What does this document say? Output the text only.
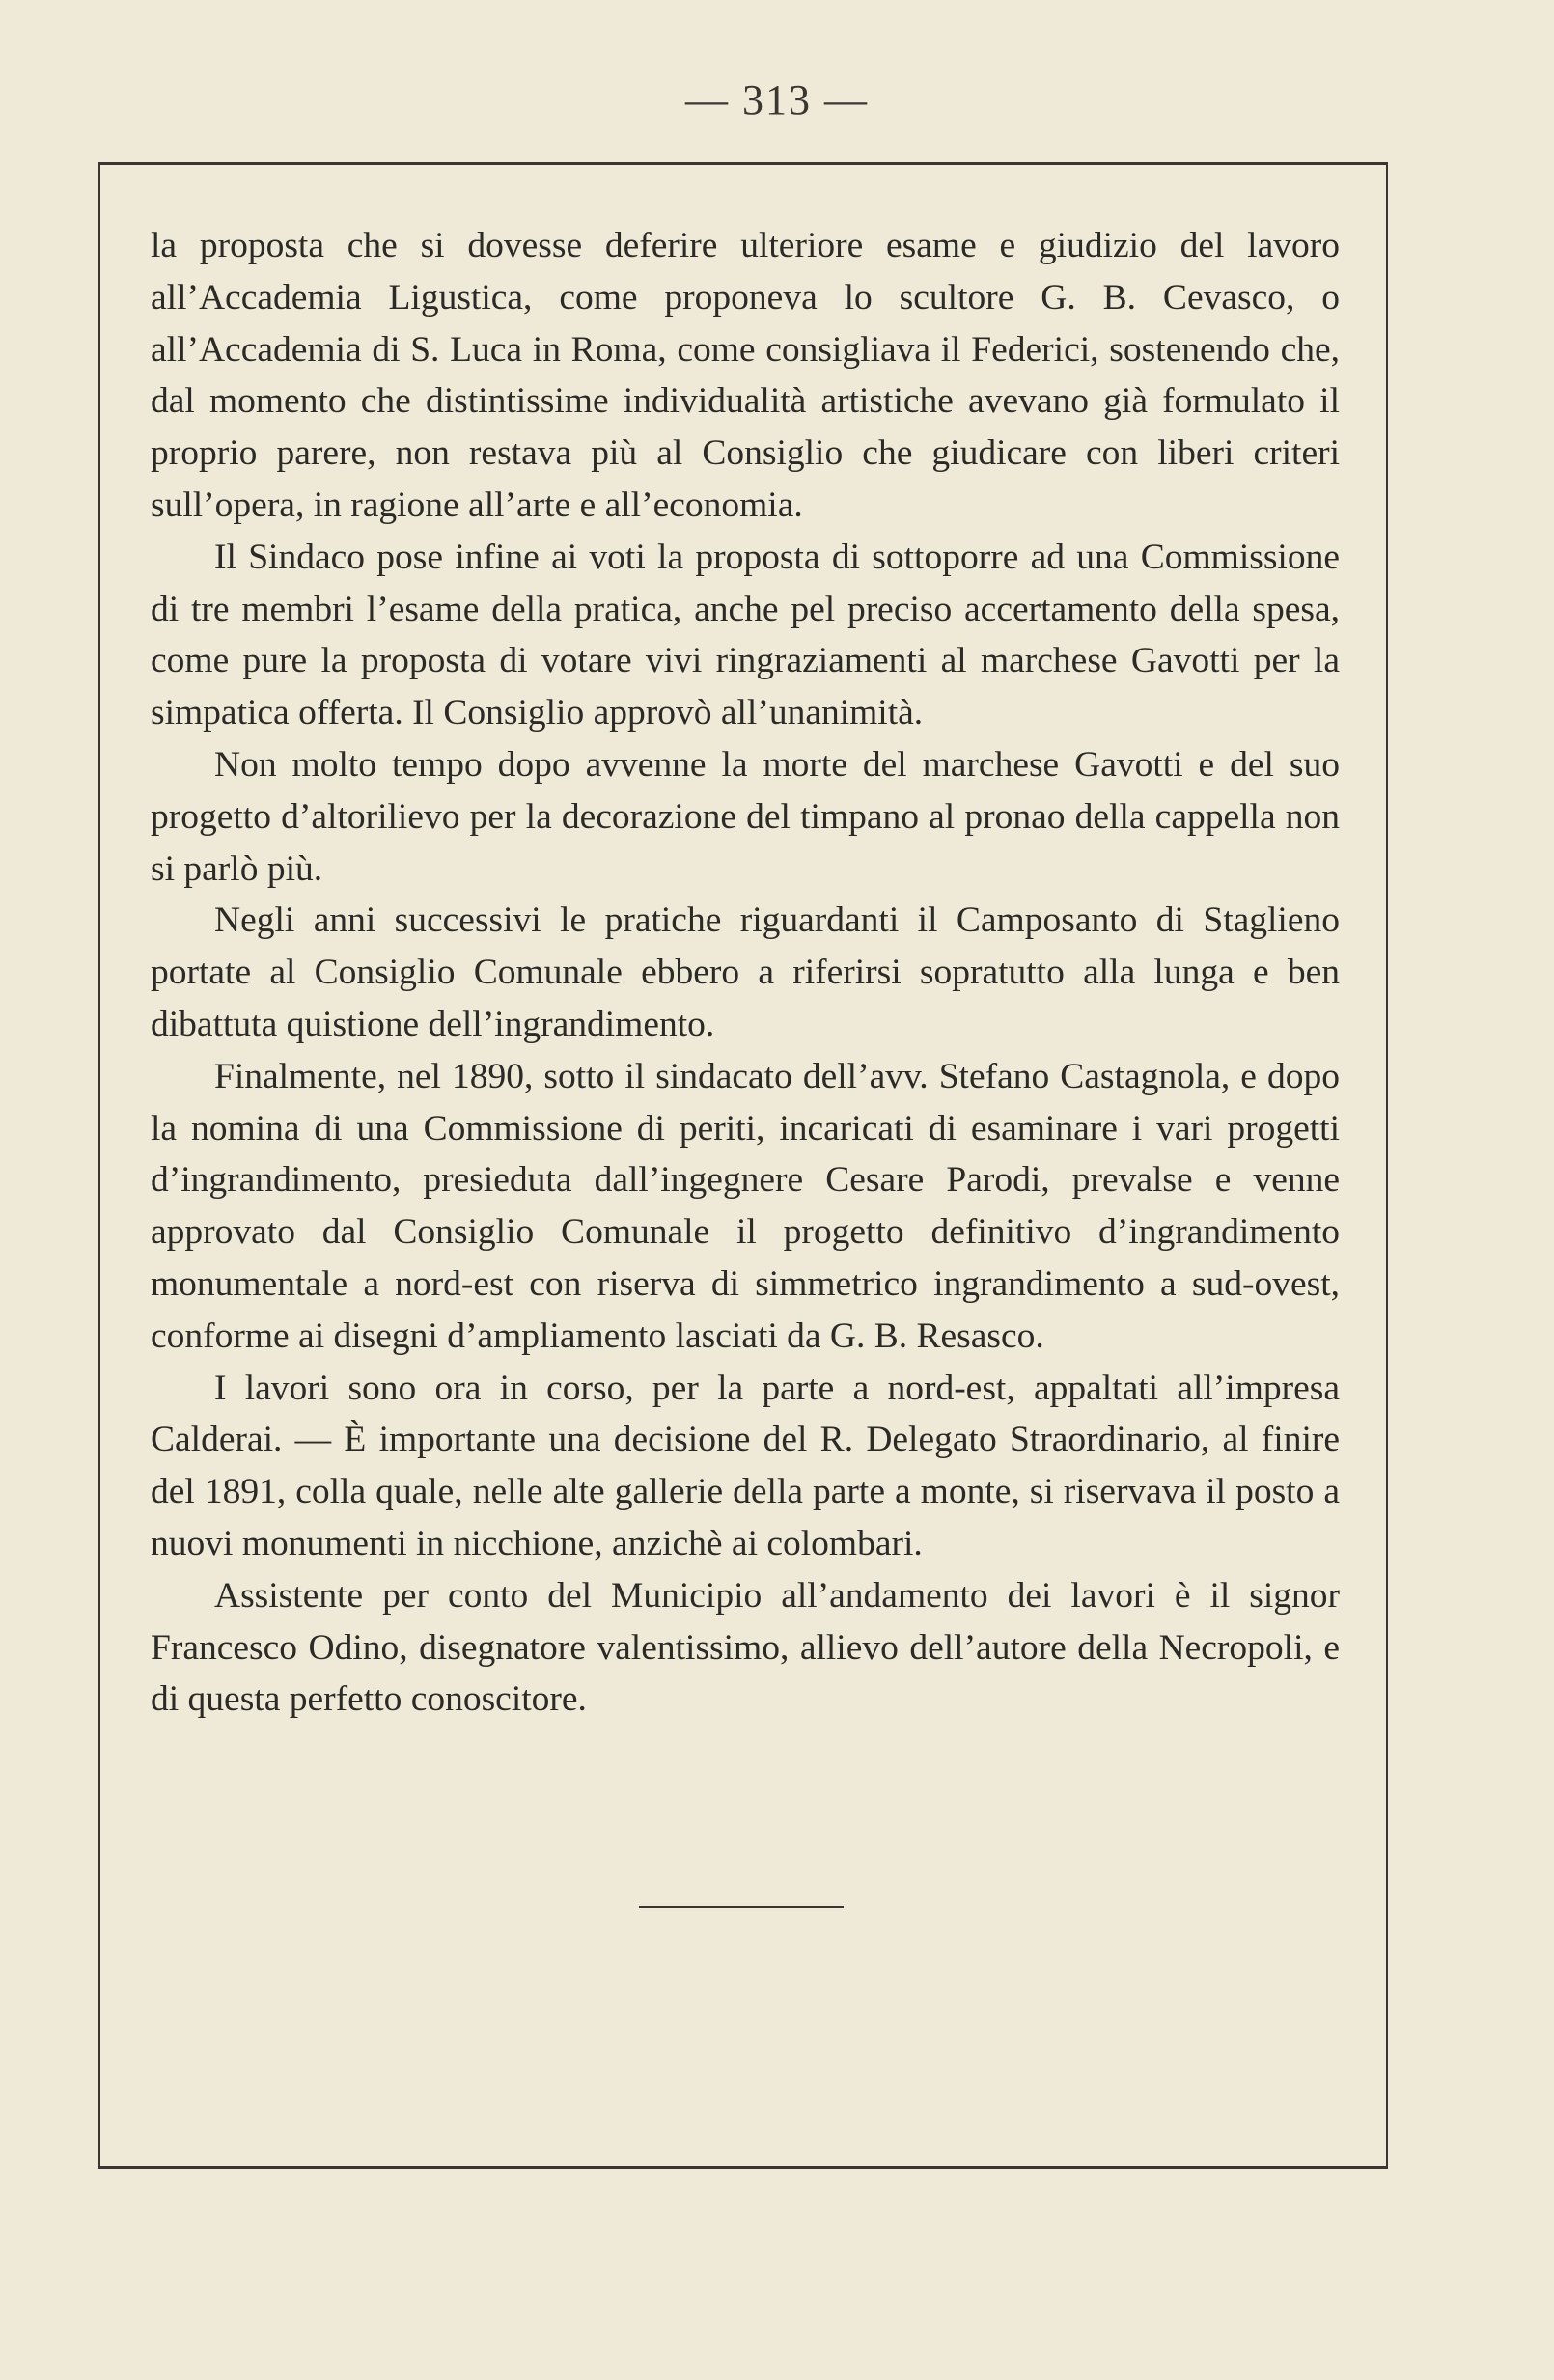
— 313 —

la proposta che si dovesse deferire ulteriore esame e giudizio del lavoro all’Accademia Ligustica, come proponeva lo scultore G. B. Cevasco, o all’Accademia di S. Luca in Roma, come consigliava il Federici, sostenendo che, dal momento che distintissime individualità artistiche avevano già formulato il proprio parere, non restava più al Consiglio che giudicare con liberi criteri sull’opera, in ragione all’arte e all’economia.

Il Sindaco pose infine ai voti la proposta di sottoporre ad una Commissione di tre membri l’esame della pratica, anche pel preciso accertamento della spesa, come pure la proposta di votare vivi ringraziamenti al marchese Gavotti per la simpatica offerta. Il Consiglio approvò all’unanimità.

Non molto tempo dopo avvenne la morte del marchese Gavotti e del suo progetto d’altorilievo per la decorazione del timpano al pronao della cappella non si parlò più.

Negli anni successivi le pratiche riguardanti il Camposanto di Staglieno portate al Consiglio Comunale ebbero a riferirsi sopratutto alla lunga e ben dibattuta quistione dell’ingrandimento.

Finalmente, nel 1890, sotto il sindacato dell’avv. Stefano Castagnola, e dopo la nomina di una Commissione di periti, incaricati di esaminare i vari progetti d’ingrandimento, presieduta dall’ingegnere Cesare Parodi, prevalse e venne approvato dal Consiglio Comunale il progetto definitivo d’ingrandimento monumentale a nord-est con riserva di simmetrico ingrandimento a sud-ovest, conforme ai disegni d’ampliamento lasciati da G. B. Resasco.

I lavori sono ora in corso, per la parte a nord-est, appaltati all’impresa Calderai. — È importante una decisione del R. Delegato Straordinario, al finire del 1891, colla quale, nelle alte gallerie della parte a monte, si riservava il posto a nuovi monumenti in nicchione, anzichè ai colombari.

Assistente per conto del Municipio all’andamento dei lavori è il signor Francesco Odino, disegnatore valentissimo, allievo dell’autore della Necropoli, e di questa perfetto conoscitore.
